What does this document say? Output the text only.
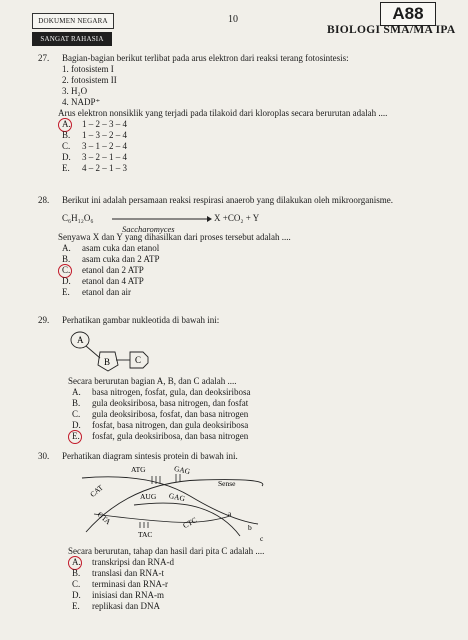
DOKUMEN NEGARA
SANGAT RAHASIA
10	A88
BIOLOGI SMA/MA IPA
27. Bagian-bagian berikut terlibat pada arus elektron dari reaksi terang fotosintesis:
1. fotosistem I
2. fotosistem II
3. H₂O
4. NADP⁺
Arus elektron nonsiklik yang terjadi pada tilakoid dari kloroplas secara berurutan adalah ....
A. 1 – 2 – 3 – 4
B. 1 – 3 – 2 – 4
C. 3 – 1 – 2 – 4
D. 3 – 2 – 1 – 4
E. 4 – 2 – 1 – 3
28. Berikut ini adalah persamaan reaksi respirasi anaerob yang dilakukan oleh mikroorganisme.
C₆H₁₂O₆	X +CO₂ + Y
Saccharomyces
Senyawa X dan Y yang dihasilkan dari proses tersebut adalah ....
A. asam cuka dan etanol
B. asam cuka dan 2 ATP
C. etanol dan 2 ATP
D. etanol dan 4 ATP
E. etanol dan air
29. Perhatikan gambar nukleotida di bawah ini:
A
B	C
Secara berurutan bagian A, B, dan C adalah ....
A. basa nitrogen, fosfat, gula, dan deoksiribosa
B. gula deoksiribosa, basa nitrogen, dan fosfat
C. gula deoksiribosa, fosfat, dan basa nitrogen
D. fosfat, basa nitrogen, dan gula deoksiribosa
E. fosfat, gula deoksiribosa, dan basa nitrogen
30. Perhatikan diagram sintesis protein di bawah ini.
CAT
ATG	GAG
AUG GAG
GTA
TAC
CTC
Sense
a
b
c
Secara berurutan, tahap dan hasil dari pita C adalah ....
A. transkripsi dan RNA-d
B. translasi dan RNA-t
C. terminasi dan RNA-r
D. inisiasi dan RNA-m
E. replikasi dan DNA
